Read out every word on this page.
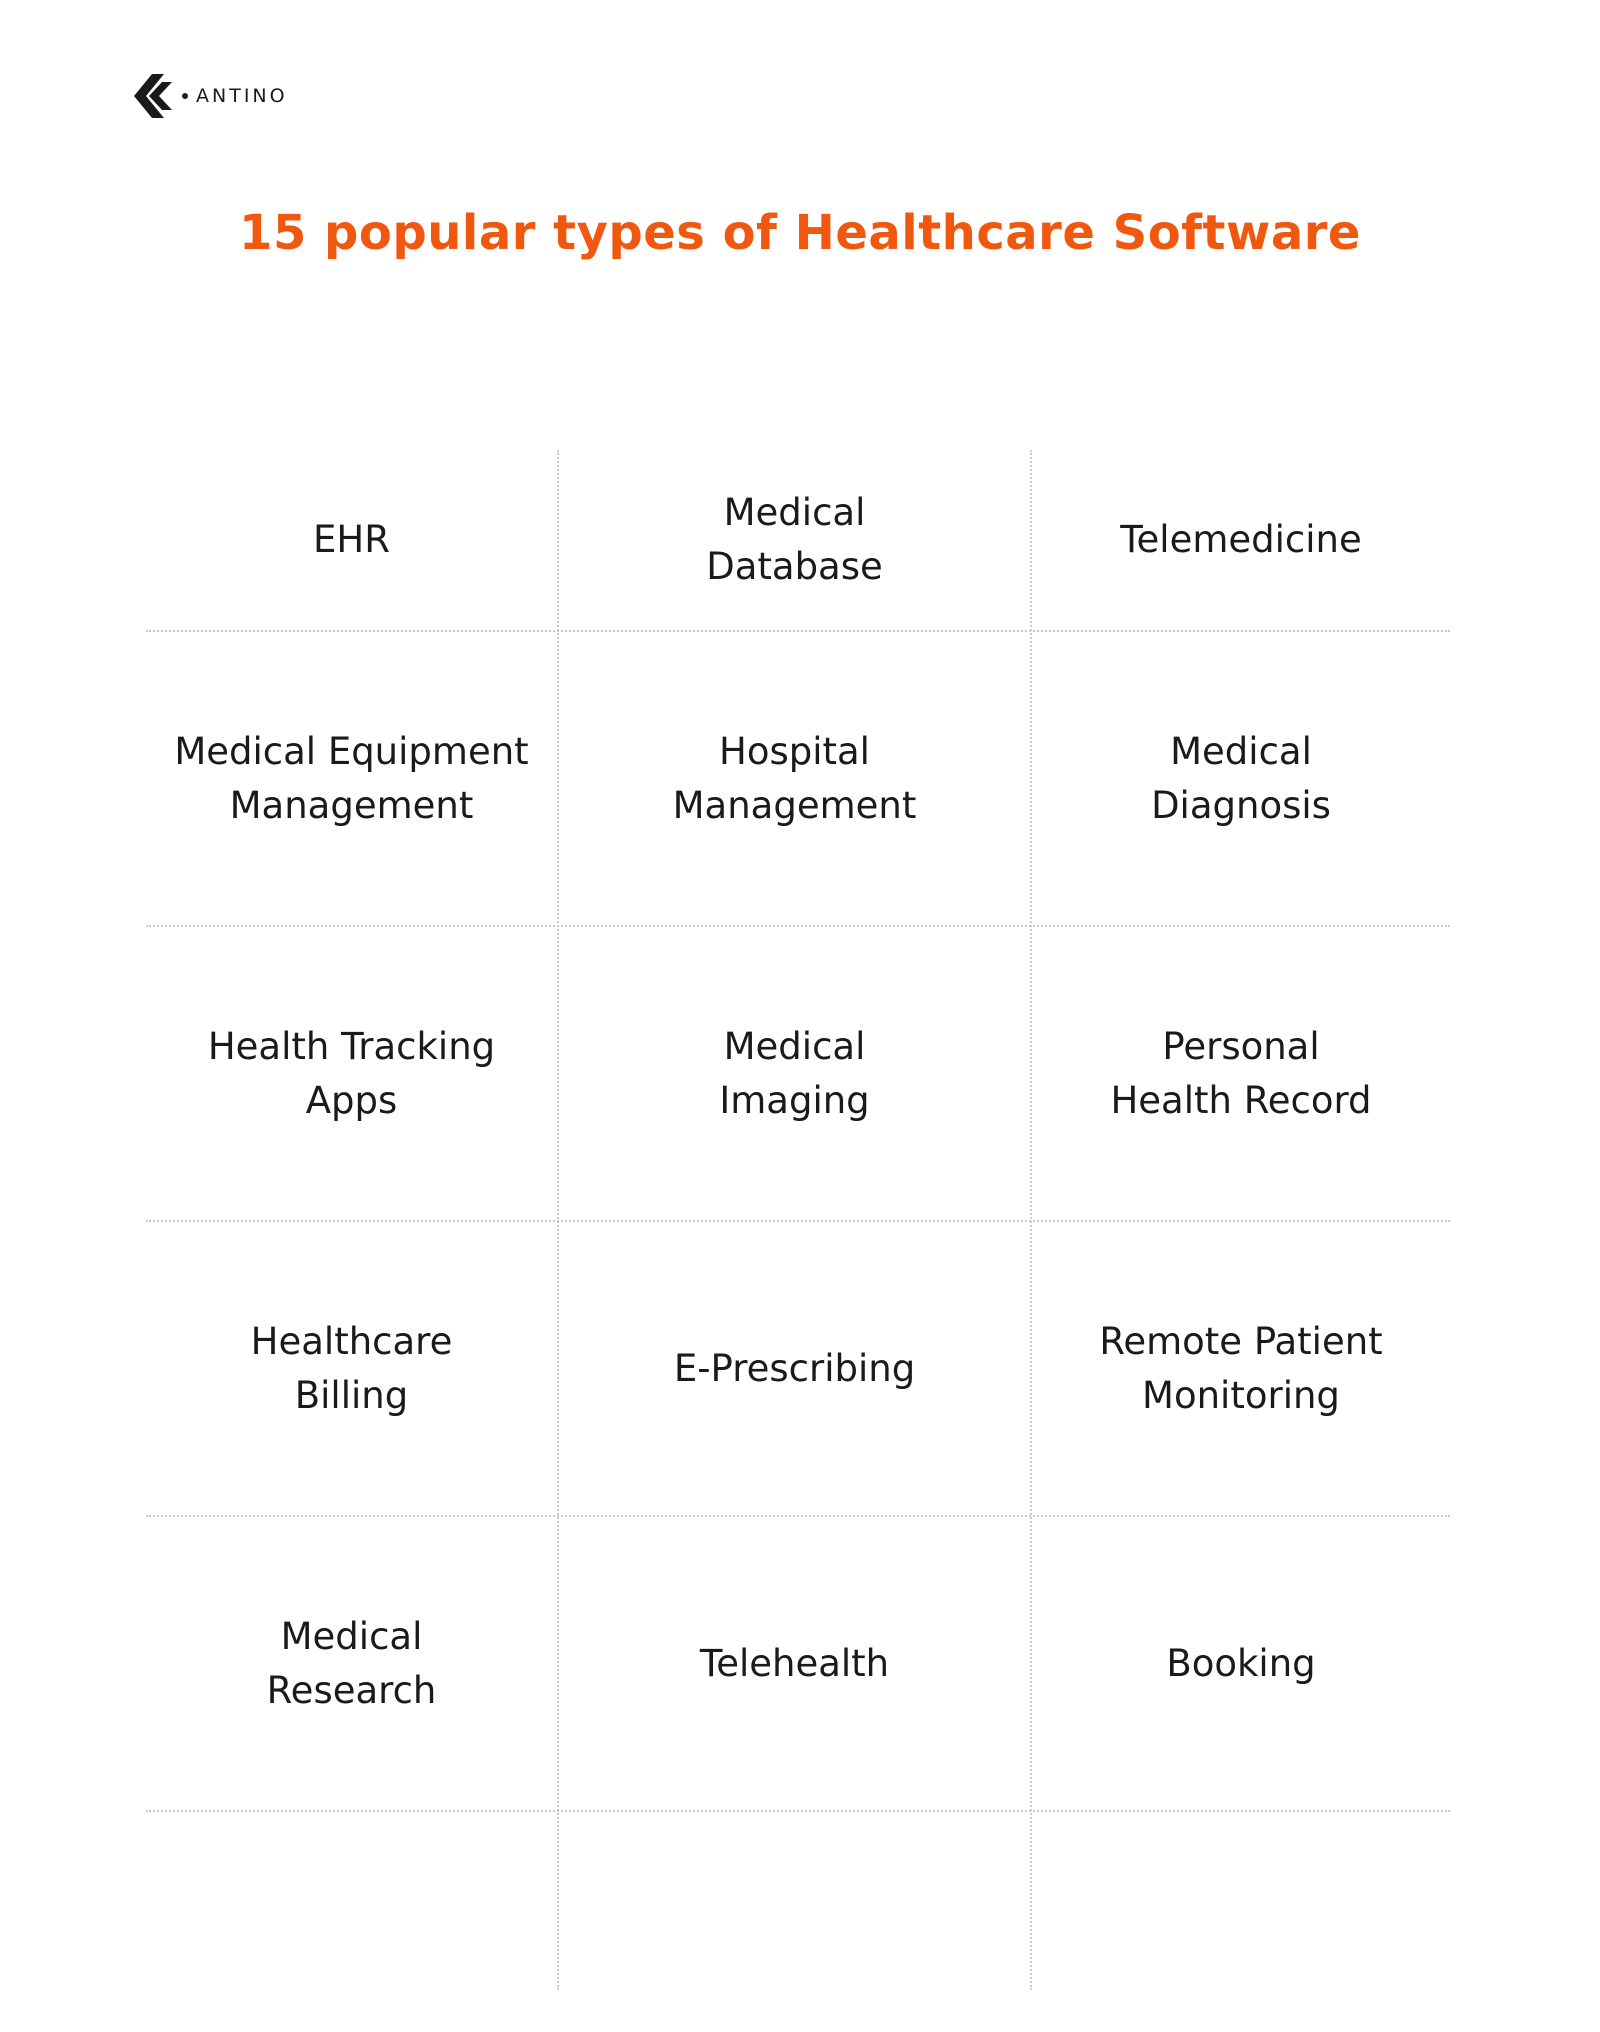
ANTINO
15 popular types of Healthcare Software
EHR
Medical
Database
Telemedicine
Medical Equipment
Management
Hospital
Management
Medical
Diagnosis
Health Tracking
Apps
Medical
Imaging
Personal
Health Record
Healthcare
Billing
E-Prescribing
Remote Patient
Monitoring
Medical
Research
Telehealth	Booking
